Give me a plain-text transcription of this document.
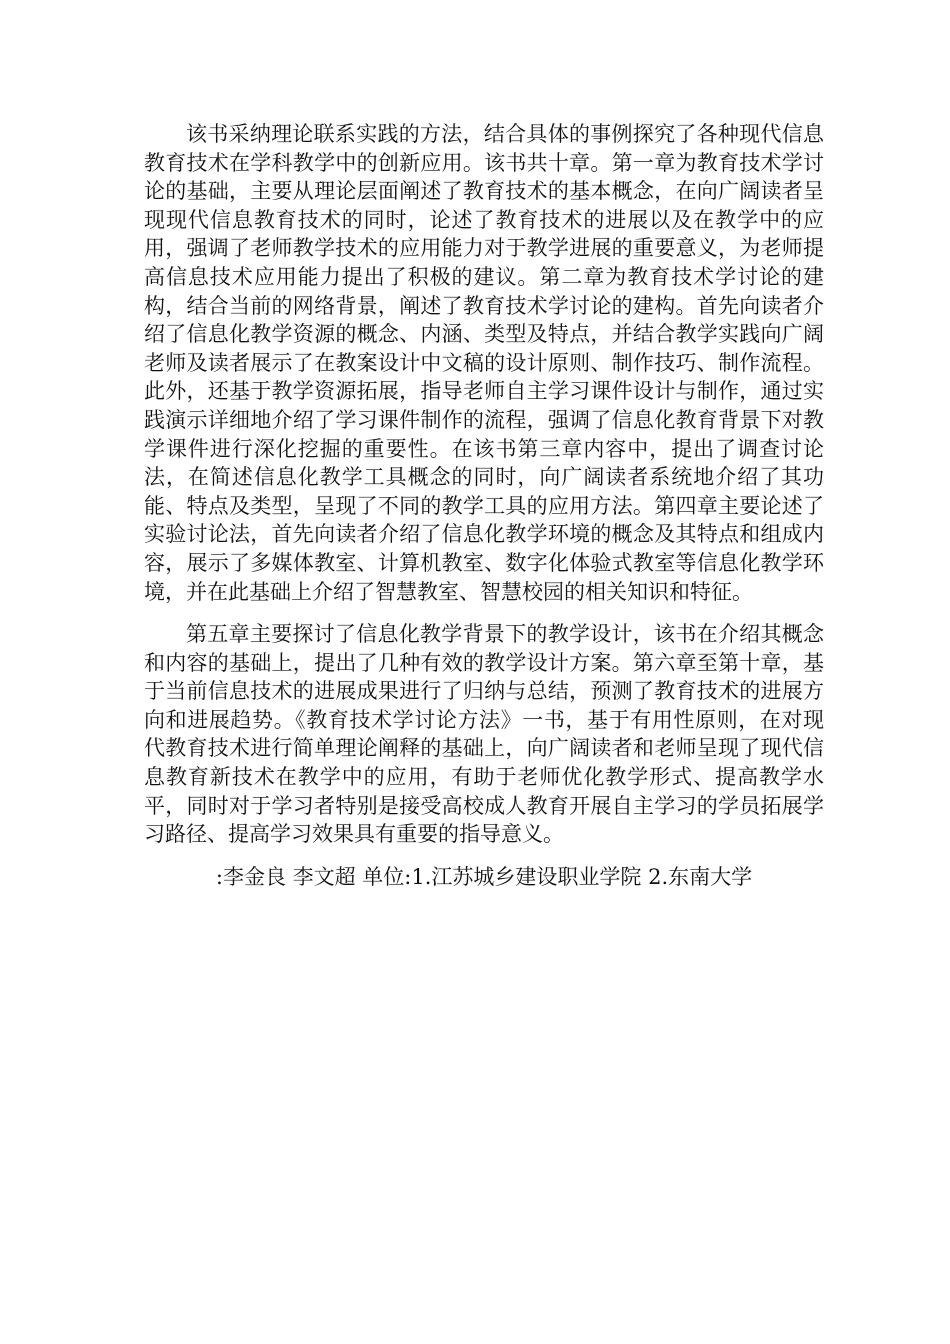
该书采纳理论联系实践的方法，结合具体的事例探究了各种现代信息教育技术在学科教学中的创新应用。该书共十章。第一章为教育技术学讨论的基础，主要从理论层面阐述了教育技术的基本概念，在向广阔读者呈现现代信息教育技术的同时，论述了教育技术的进展以及在教学中的应用，强调了老师教学技术的应用能力对于教学进展的重要意义，为老师提高信息技术应用能力提出了积极的建议。第二章为教育技术学讨论的建构，结合当前的网络背景，阐述了教育技术学讨论的建构。首先向读者介绍了信息化教学资源的概念、内涵、类型及特点，并结合教学实践向广阔老师及读者展示了在教案设计中文稿的设计原则、制作技巧、制作流程。此外，还基于教学资源拓展，指导老师自主学习课件设计与制作，通过实践演示详细地介绍了学习课件制作的流程，强调了信息化教育背景下对教学课件进行深化挖掘的重要性。在该书第三章内容中，提出了调查讨论法，在简述信息化教学工具概念的同时，向广阔读者系统地介绍了其功能、特点及类型，呈现了不同的教学工具的应用方法。第四章主要论述了实验讨论法，首先向读者介绍了信息化教学环境的概念及其特点和组成内容，展示了多媒体教室、计算机教室、数字化体验式教室等信息化教学环境，并在此基础上介绍了智慧教室、智慧校园的相关知识和特征。

第五章主要探讨了信息化教学背景下的教学设计，该书在介绍其概念和内容的基础上，提出了几种有效的教学设计方案。第六章至第十章，基于当前信息技术的进展成果进行了归纳与总结，预测了教育技术的进展方向和进展趋势。《教育技术学讨论方法》一书，基于有用性原则，在对现代教育技术进行简单理论阐释的基础上，向广阔读者和老师呈现了现代信息教育新技术在教学中的应用，有助于老师优化教学形式、提高教学水平，同时对于学习者特别是接受高校成人教育开展自主学习的学员拓展学习路径、提高学习效果具有重要的指导意义。

:李金良 李文超 单位:1.江苏城乡建设职业学院 2.东南大学
